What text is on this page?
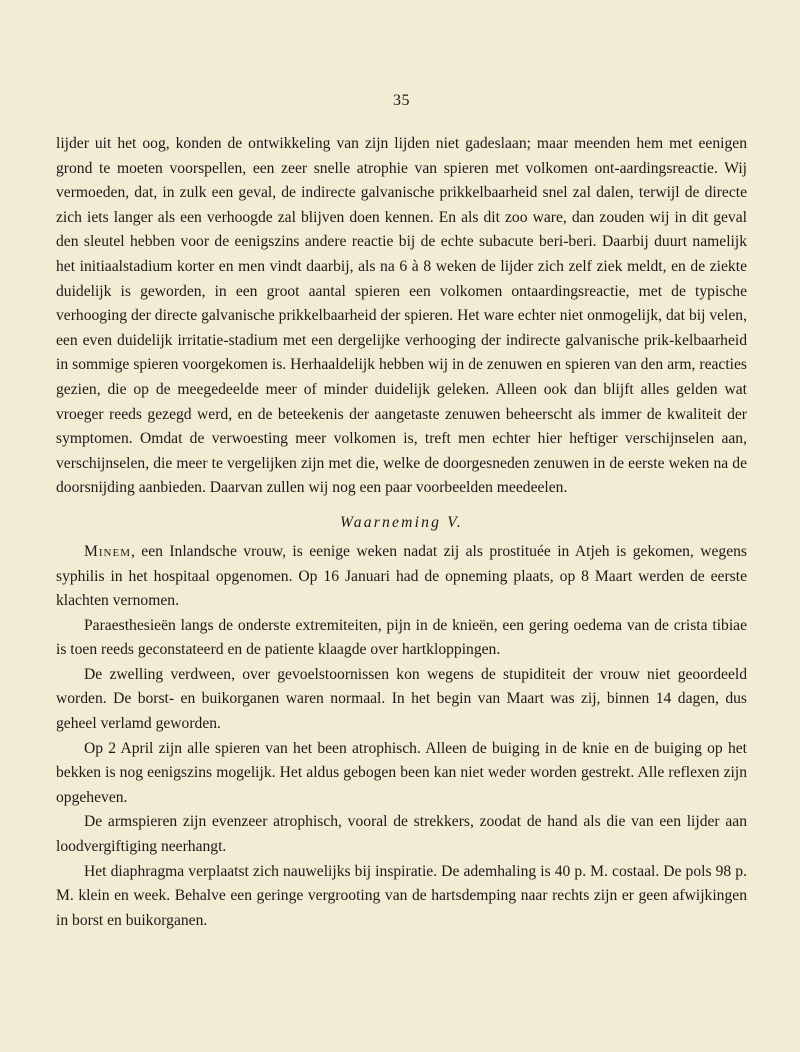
35

lijder uit het oog, konden de ontwikkeling van zijn lijden niet gadeslaan; maar meenden hem met eenigen grond te moeten voorspellen, een zeer snelle atrophie van spieren met volkomen ont-aardingsreactie. Wij vermoeden, dat, in zulk een geval, de indirecte galvanische prikkelbaarheid snel zal dalen, terwijl de directe zich iets langer als een verhoogde zal blijven doen kennen. En als dit zoo ware, dan zouden wij in dit geval den sleutel hebben voor de eenigszins andere reactie bij de echte subacute beri-beri. Daarbij duurt namelijk het initiaalstadium korter en men vindt daarbij, als na 6 à 8 weken de lijder zich zelf ziek meldt, en de ziekte duidelijk is geworden, in een groot aantal spieren een volkomen ontaardingsreactie, met de typische verhooging der directe galvanische prikkelbaarheid der spieren. Het ware echter niet onmogelijk, dat bij velen, een even duidelijk irritatie-stadium met een dergelijke verhooging der indirecte galvanische prik-kelbaarheid in sommige spieren voorgekomen is. Herhaaldelijk hebben wij in de zenuwen en spieren van den arm, reacties gezien, die op de meegedeelde meer of minder duidelijk geleken. Alleen ook dan blijft alles gelden wat vroeger reeds gezegd werd, en de beteekenis der aangetaste zenuwen beheerscht als immer de kwaliteit der symptomen. Omdat de verwoesting meer volkomen is, treft men echter hier heftiger verschijnselen aan, verschijnselen, die meer te vergelijken zijn met die, welke de doorgesneden zenuwen in de eerste weken na de doorsnijding aanbieden. Daarvan zullen wij nog een paar voorbeelden meedeelen.

Waarneming V.

Minem, een Inlandsche vrouw, is eenige weken nadat zij als prostituée in Atjeh is gekomen, wegens syphilis in het hospitaal opgenomen. Op 16 Januari had de opneming plaats, op 8 Maart werden de eerste klachten vernomen.

Paraesthesieën langs de onderste extremiteiten, pijn in de knieën, een gering oedema van de crista tibiae is toen reeds geconstateerd en de patiente klaagde over hartkloppingen.

De zwelling verdween, over gevoelstoornissen kon wegens de stupiditeit der vrouw niet geoordeeld worden. De borst- en buikorganen waren normaal. In het begin van Maart was zij, binnen 14 dagen, dus geheel verlamd geworden.

Op 2 April zijn alle spieren van het been atrophisch. Alleen de buiging in de knie en de buiging op het bekken is nog eenigszins mogelijk. Het aldus gebogen been kan niet weder worden gestrekt. Alle reflexen zijn opgeheven.

De armspieren zijn evenzeer atrophisch, vooral de strekkers, zoodat de hand als die van een lijder aan loodvergiftiging neerhangt.

Het diaphragma verplaatst zich nauwelijks bij inspiratie. De ademhaling is 40 p. M. costaal. De pols 98 p. M. klein en week. Behalve een geringe vergrooting van de hartsdemping naar rechts zijn er geen afwijkingen in borst en buikorganen.
